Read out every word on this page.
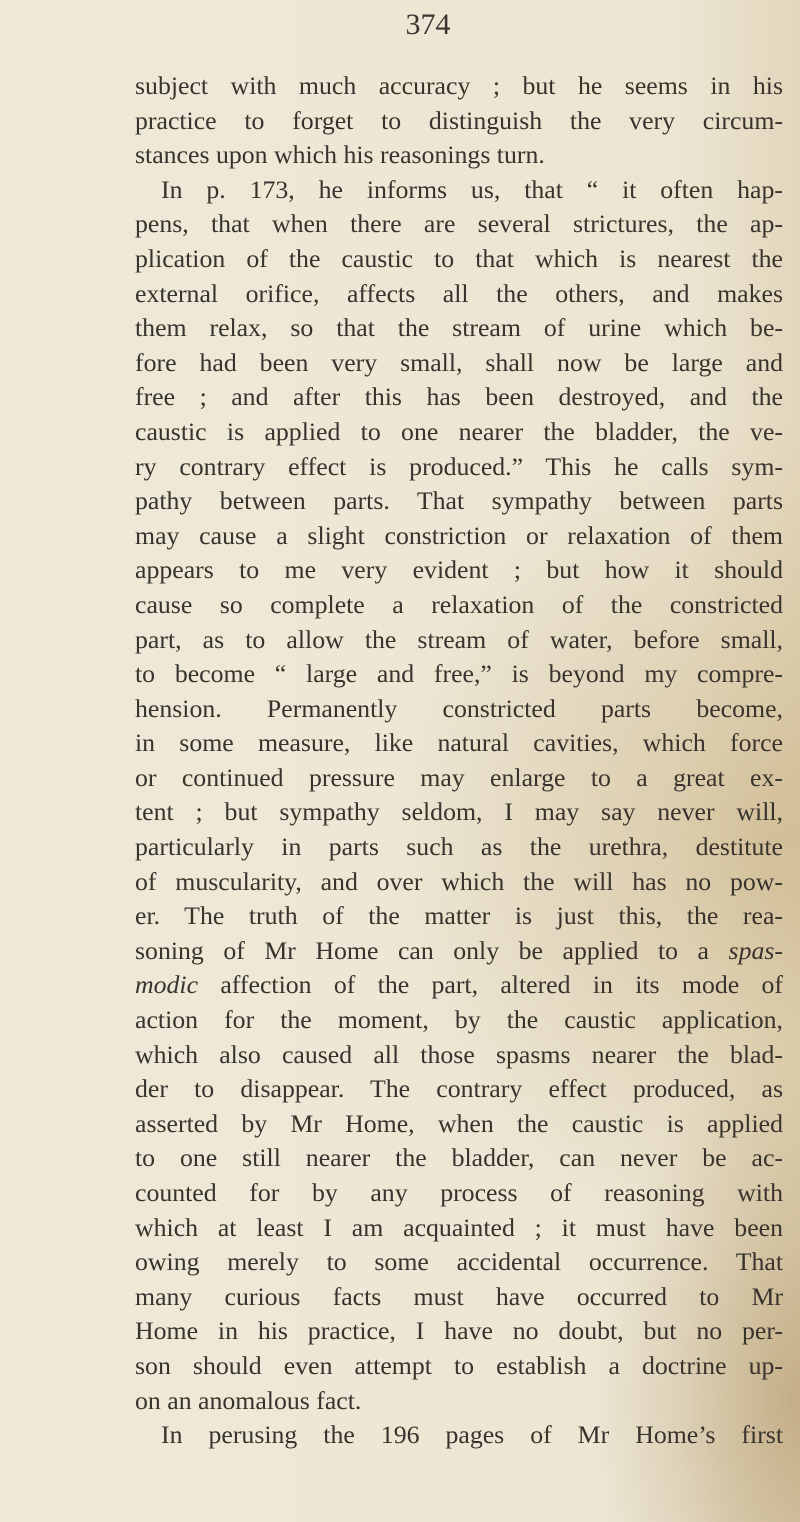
374
subject with much accuracy ; but he seems in his
practice to forget to distinguish the very circum-
stances upon which his reasonings turn.
In p. 173, he informs us, that “ it often hap-
pens, that when there are several strictures, the ap-
plication of the caustic to that which is nearest the
external orifice, affects all the others, and makes
them relax, so that the stream of urine which be-
fore had been very small, shall now be large and
free ; and after this has been destroyed, and the
caustic is applied to one nearer the bladder, the ve-
ry contrary effect is produced.” This he calls sym-
pathy between parts. That sympathy between parts
may cause a slight constriction or relaxation of them
appears to me very evident ; but how it should
cause so complete a relaxation of the constricted
part, as to allow the stream of water, before small,
to become “ large and free,” is beyond my compre-
hension. Permanently constricted parts become,
in some measure, like natural cavities, which force
or continued pressure may enlarge to a great ex-
tent ; but sympathy seldom, I may say never will,
particularly in parts such as the urethra, destitute
of muscularity, and over which the will has no pow-
er. The truth of the matter is just this, the rea-
soning of Mr Home can only be applied to a spas-
modic affection of the part, altered in its mode of
action for the moment, by the caustic application,
which also caused all those spasms nearer the blad-
der to disappear. The contrary effect produced, as
asserted by Mr Home, when the caustic is applied
to one still nearer the bladder, can never be ac-
counted for by any process of reasoning with
which at least I am acquainted ; it must have been
owing merely to some accidental occurrence. That
many curious facts must have occurred to Mr
Home in his practice, I have no doubt, but no per-
son should even attempt to establish a doctrine up-
on an anomalous fact.
In perusing the 196 pages of Mr Home’s first
